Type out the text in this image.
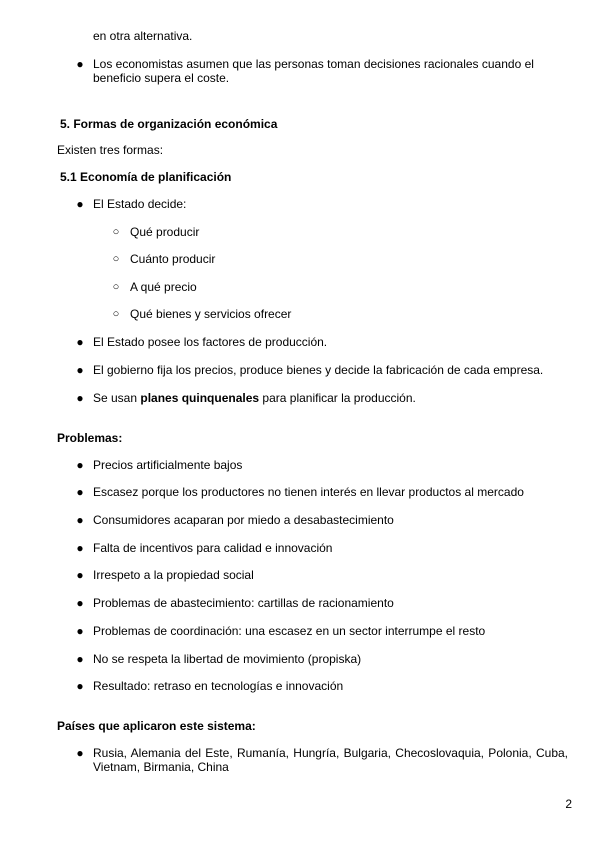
en otra alternativa.
● Los economistas asumen que las personas toman decisiones racionales cuando el beneficio supera el coste.
5. Formas de organización económica
Existen tres formas:
5.1 Economía de planificación
● El Estado decide:
○ Qué producir
○ Cuánto producir
○ A qué precio
○ Qué bienes y servicios ofrecer
● El Estado posee los factores de producción.
● El gobierno fija los precios, produce bienes y decide la fabricación de cada empresa.
● Se usan planes quinquenales para planificar la producción.
Problemas:
● Precios artificialmente bajos
● Escasez porque los productores no tienen interés en llevar productos al mercado
● Consumidores acaparan por miedo a desabastecimiento
● Falta de incentivos para calidad e innovación
● Irrespeto a la propiedad social
● Problemas de abastecimiento: cartillas de racionamiento
● Problemas de coordinación: una escasez en un sector interrumpe el resto
● No se respeta la libertad de movimiento (propiska)
● Resultado: retraso en tecnologías e innovación
Países que aplicaron este sistema:
● Rusia, Alemania del Este, Rumanía, Hungría, Bulgaria, Checoslovaquia, Polonia, Cuba, Vietnam, Birmania, China
2
